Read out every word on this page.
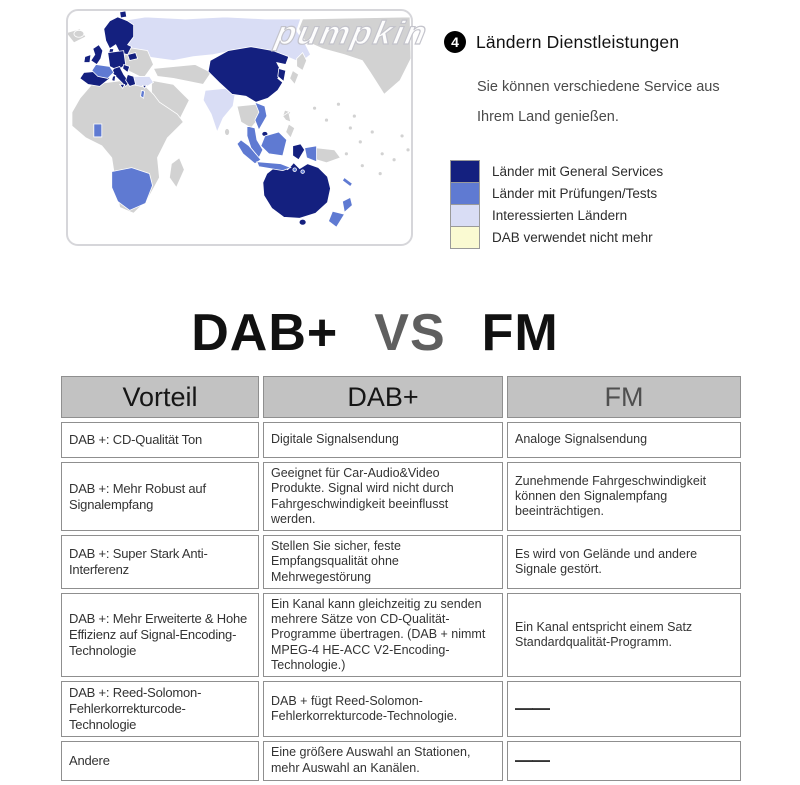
pumpkin 4 Ländern Dienstleistungen
Sie können verschiedene Service aus
Ihrem Land genießen.
Länder mit General Services
Länder mit Prüfungen/Tests
Interessierten Ländern
DAB verwendet nicht mehr
DAB+ VS FM
Vorteil	DAB+	FM
DAB +: CD-Qualität Ton	Digitale Signalsendung	Analoge Signalsendung
DAB +: Mehr Robust auf Signalempfang	Geeignet für Car-Audio&Video Produkte. Signal wird nicht durch Fahrgeschwindigkeit beeinflusst werden.	Zunehmende Fahrgeschwindigkeit können den Signalempfang beeinträchtigen.
DAB +: Super Stark Anti-Interferenz	Stellen Sie sicher, feste Empfangsqualität ohne Mehrwegestörung	Es wird von Gelände und andere Signale gestört.
DAB +: Mehr Erweiterte & Hohe Effizienz auf Signal-Encoding-Technologie	Ein Kanal kann gleichzeitig zu senden mehrere Sätze von CD-Qualität-Programme übertragen. (DAB + nimmt MPEG-4 HE-ACC V2-Encoding-Technologie.)	Ein Kanal entspricht einem Satz Standardqualität-Programm.
DAB +: Reed-Solomon-Fehlerkorrekturcode-Technologie	DAB + fügt Reed-Solomon-Fehlerkorrekturcode-Technologie.	——
Andere	Eine größere Auswahl an Stationen, mehr Auswahl an Kanälen.	——
